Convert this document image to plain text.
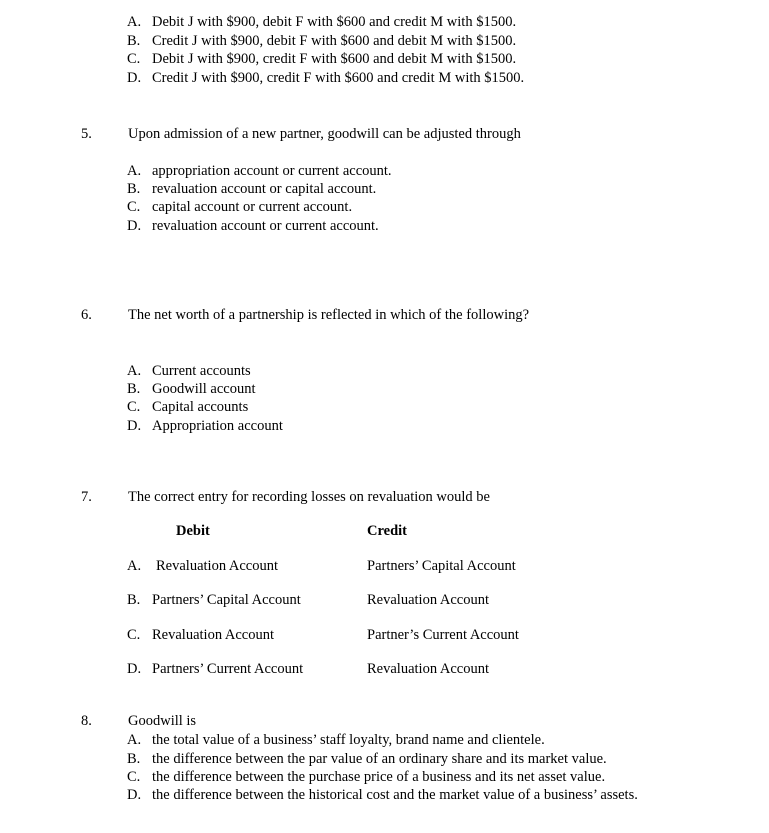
A. Debit J with $900, debit F with $600 and credit M with $1500.
B. Credit J with $900, debit F with $600 and debit M with $1500.
C. Debit J with $900, credit F with $600 and debit M with $1500.
D. Credit J with $900, credit F with $600 and credit M with $1500.
5. Upon admission of a new partner, goodwill can be adjusted through
A. appropriation account or current account.
B. revaluation account or capital account.
C. capital account or current account.
D. revaluation account or current account.
6. The net worth of a partnership is reflected in which of the following?
A. Current accounts
B. Goodwill account
C. Capital accounts
D. Appropriation account
7. The correct entry for recording losses on revaluation would be
Debit	Credit
A. Revaluation Account	Partners’ Capital Account
B. Partners’ Capital Account	Revaluation Account
C. Revaluation Account	Partner’s Current Account
D. Partners’ Current Account	Revaluation Account
8. Goodwill is
A. the total value of a business’ staff loyalty, brand name and clientele.
B. the difference between the par value of an ordinary share and its market value.
C. the difference between the purchase price of a business and its net asset value.
D. the difference between the historical cost and the market value of a business’ assets.
